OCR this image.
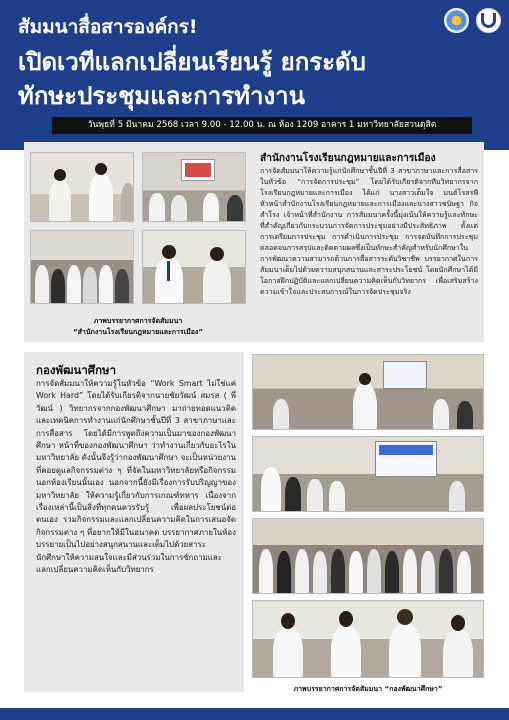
สัมมนาสื่อสารองค์กร!
เปิดเวทีแลกเปลี่ยนเรียนรู้ ยกระดับ
ทักษะประชุมและการทำงาน
วันพุธที่ 5 มีนาคม 2568 เวลา 9.00 - 12.00 น. ณ ห้อง 1209 อาคาร 1 มหาวิทยาลัยสวนดุสิต
ภาพบรรยากาศการจัดสัมมนา
“สำนักงานโรงเรียนกฎหมายและการเมือง”
สำนักงานโรงเรียนกฎหมายและการเมือง
การจัดสัมมนาให้ความรู้แก่นักศึกษาชั้นปีที่ 3 สาขาภาษาและการสื่อสาร ในหัวข้อ “การจัดการประชุม” โดยได้รับเกียรติจากทีมวิทยากรจากโรงเรียนกฎหมายและการเมือง ได้แก่ นางสาวเต็มใจ มนต์โรสรพี หัวหน้าสำนักงานโรงเรียนกฎหมายและการเมืองและนางสาวชนิษฐา กิจสำโรง เจ้าหน้าที่สำนักงาน การสัมมนาครั้งนี้มุ่งเน้นให้ความรู้และทักษะที่สำคัญเกี่ยวกับกระบวนการจัดการประชุมอย่างมีประสิทธิภาพ ตั้งแต่การเตรียมการประชุม การดำเนินการประชุม การจดบันทึกการประชุม ตลอดจนการสรุปและติดตามผลซึ่งเป็นทักษะสำคัญสำหรับนักศึกษาในการพัฒนาความสามารถด้านการสื่อสารระดับวิชาชีพ บรรยากาศในการสัมมนาเต็มไปด้วยความสนุกสนานและสาระประโยชน์ โดยนักศึกษาได้มีโอกาสฝึกปฏิบัติและแลกเปลี่ยนความคิดเห็นกับวิทยากร เพื่อเสริมสร้างความเข้าใจและประสบการณ์ในการจัดประชุมจริง
กองพัฒนาศึกษา
การจัดสัมมนาให้ความรู้ในหัวข้อ “Work Smart ไม่ใช่แค่ Work Hard” โดยได้รับเกียรติจากนายชัยวัฒน์ สมรส ( พี่วัฒน์ ) วิทยากรจากกองพัฒนาศึกษา มาถ่ายทอดแนวคิดและเทคนิคการทำงานแก่นักศึกษาชั้นปีที่ 3 สาขาภาษาและการสื่อสาร โดยได้มีการพูดถึงความเป็นมาของกองพัฒนาศึกษา หน้าที่ของกองพัฒนาศึกษา ว่าทำงานเกี่ยวกับอะไรในมหาวิทยาลัย ดังนั้นจึงรู้ว่ากองพัฒนาศึกษา จะเป็นหน่วยงานที่คอยดูแลกิจกรรมต่าง ๆ ที่จัดในมหาวิทยาลัยหรือกิจกรรมนอกห้องเรียนนั้นเอง นอกจากนี้ยังมีเรื่องการรับปริญญาของมหาวิทยาลัย ให้ความรู้เกี่ยวกับการเกณฑ์ทหาร เนื่องจากเรื่องเหล่านี้เป็นสิ่งที่ทุกคนควรรับรู้ เพื่อผลประโยชน์ต่อตนเอง รวมกิจกรรมและแลกเปลี่ยนความคิดในการเสนอจัดกิจกรรมต่าง ๆ ที่อยากให้มีในอนาคต บรรยากาศภายในห้องบรรยายเป็นไปอย่างสนุกสนานและเต็มไปด้วยสาระ นักศึกษาให้ความสนใจและมีส่วนร่วมในการซักถามและแลกเปลี่ยนความคิดเห็นกับวิทยากร
ภาพบรรยากาศการจัดสัมมนา “กองพัฒนาศึกษา”
